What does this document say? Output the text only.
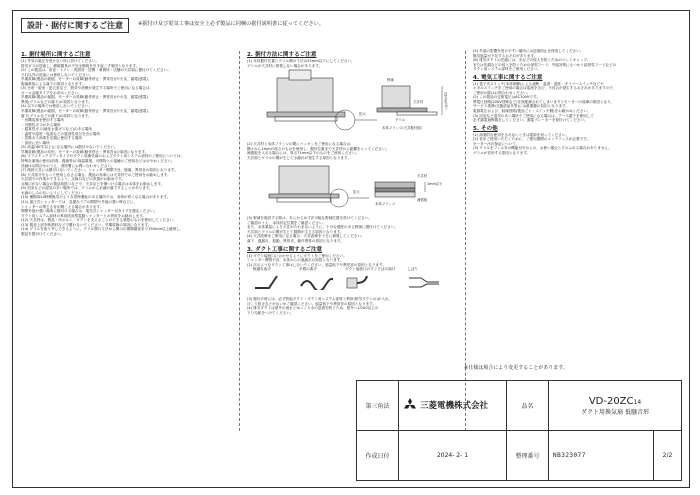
設計・据付に関するご注意	※据付け及び電気工事は安全上必ず製品に同梱の据付説明書に従ってください。
1. 据付場所に関するご注意
(1) 外気の風圧を受けない所に設けてください。
排気ガスが逆流し、燃焼器具の不完全燃焼を引き起こす原因となります。
(2) この製品は、浴室・トイレ・洗面所・居間・事務所・店舗の天井面に据付けてください。
それ以外の用途には使用しないでください。
早期故障(製品の破損、モーターの故障(動作停止・異常音))や火災、漏電(感電)、
脱落事故による落下の原因となります。
(3) 台所・厨房・更衣室など、熱気や油煙が発生する場所でご使用になる場合は、
オール金属タイプをお求めください。
早期故障(製品の破損、モーターの故障(動作停止・異常音))や火災、漏電(感電)、
異臭(グリルなどの落下)の原因となります。
(4) 以下の場所では使用しないでください。
早期故障(製品の破損、モーターの故障(動作停止・異常音))や火災、漏電(感電)、
落下(グリルなどの落下)の原因となります。
・有機溶剤を使用する場所
・可燃性ガスがある場所
・腐食性ガス(硫化水素ガスなど)のある場所
・温度や湿度・塩害などの腐食性成分を含む場所
・炭酸ガス消毒を定期に使用する場所
・高所に近い場所
(5) 高温(40℃以上)になる場所には据付けないでください。
早期故障(製品の変形、モーターの故障(動作停止・異常音))の原因になります。
(6) プラスチックボディタイプのダクト用換気扇のおよびダクト用システム部材のご使用については、
特殊な薬剤の使用(消毒、殺菌等)の高温環境、可燃物との接触のご使用などはおやめください。
詳細はお問合せのうえ、消防署にお問い合わせください。
(7) 傾斜天井には据付けないでください。シャッター開閉不良、脱落、異常音の原因となります。
(8) 天井部分をもって使用しなさる場合、製品の寿命には天井材でのご使用をお勧めします。
天井面での作業ができるよう、点検口などの設置がお勧めです。
点検口がない場合の製品取扱いなどで、天井などを傷つける場合は本体をお勧めします。
(9) 浴室などの湿気の多い場所では、グリルから水滴が落下することがあります。
水滴のしみのないようにしてください。
(10) 暑期用24時間換気のような常時運転のある場所では、寿命が短くなる場合があります。
(11) 風圧式シャッターでは、急激なドアの開閉や外風の強い時などに、
シャッターの閉じる音が聞こえる場合があります。
開閉外風が強い場所に据付ける場合は、電気式シャッター付タイプを選定ください。
ダクト用システム部材の専用防炎型電動シャッターとの併用をお勧めします。
(12) 天井材は、製品・吊ボルト・ダクトを支えることのできる強度のものを使用してください。
(13) 製品上部を断熱材などで覆わないでください。早期故障の原因になります。
(14) グリルを取り外しできるように、グリル開口寸法から開口の裏側端部まで150mm以上確保し、
製品を据付けてください。
2. 据付方法に関するご注意
(1) 本体据付位置とグリル間の寸法は25mm以下にしてください。
グリルが天井材に密着しない場合があります。
野縁
天井材
グリル
25mm以下
拡大
本体フランジ(天井据付面)
(2) 天井材と本体フランジの間にパッキンをご使用になる場合は、
隅々から1mmの厚さのものを使用し、据付位置まで天井材から距離をとってください。
補強板を入れる場合には、厚さ71mm以下のものをご使用ください。
天井面とグリルの間が生じて水漏れが発生する原因となります。
天井材
1mm以下
拡大
本体フランジ
補強板
(3) 野縁を施設する際は、あらかじめ寸法可能な野縁位置を設けてください。
ご確認のうえ、本体設定位置をご確認ください。
また、本体重量により天井がたわまないように、十分な強度のある野縁に据付けてください。
天井面とグリルの間が生じて隙間が生じる原因となります。
(4) 天井改修をご使用になる場合、天井改修を十分に補強してください。
落下、風漏れ、振動、異常音、動作異常の原因となります。
3. ダクト工事に関するご注意
(1) ダクト接続口に合わせるようにダクトをご使用ください。
シャッター開閉不良、本体からの風漏れの原因となります。
(2) 次のようなダクト工事はしないでください。風量低下や異常音の原因となります。
極端な曲げ	多数の曲げ	ダクト接続口のすぐそばの曲げ	しぼり
(3) 据付け時には、必ず防風ダクト・ダクト用システム部材と異常(排気ダクトの)が入れ、
ほこり防止などがないかご確認ください。風量低下や異常音の原因となります。
(4) 排気ダクトは屋外の雨水とゆっくり水の逆流を防ぐため、屋外へ1/100以上の
下り勾配をつけてください。
(5) 外風の影響を受けやすい場所には逆流防止を使用してください。
換気風量が不足するおそれがあります。
(6) 排気ダクトの先端には、虫などの侵入を防ぐためのベントキャップ、
または先端などの侵入を防ぐための深型フード、外風対策にもつかう給排気フードなどの
ダクト用システム部材をご使用ください。
4. 電気工事に関するご注意
(1) 電子式スイッチ(本体制御)による遮断・温度・湿度・タイマースイッチなどや
ホタルスイッチをご使用の場合は電流を含む、不具合が発生するおそれがありますので、
ご使用の際はお問合わせください。
(2) この製品の定格電圧はAC100Vです。
異電圧回路(200V回路など)を誤配線されてしまいますとモーターの故障の原因となり、
サービス業務(交換部品代等)には最悪費の負担となります。
電源電圧および、結線回路(製品ごと・スイッチ側)をお確かめください。
(3) 浴室など湿気の多い場所でご使用になる場合は、アース端子を使用して
必ず漏電遮断器をしてください。漏電ブレーカーを取付けてください。
5. その他
(1) 商業的な使用をされないときは電源を切ってください。
(2) 長年ご使用いただくために、ご使用期間のメンテナンスが必要です。
モーター汚れ保証について、
(3) グリルをフィルタの機能付きからの、お使い場合とそのふれる場合がありません。
グリルが変形する原因となります。
※仕様は場合により変更することがあります。
第三角法	三菱電機株式会社	品名	VD-20ZC14
ダクト用換気扇 低騒音形	

作成日付	2024- 2- 1	整理番号	NB323077	2/2
